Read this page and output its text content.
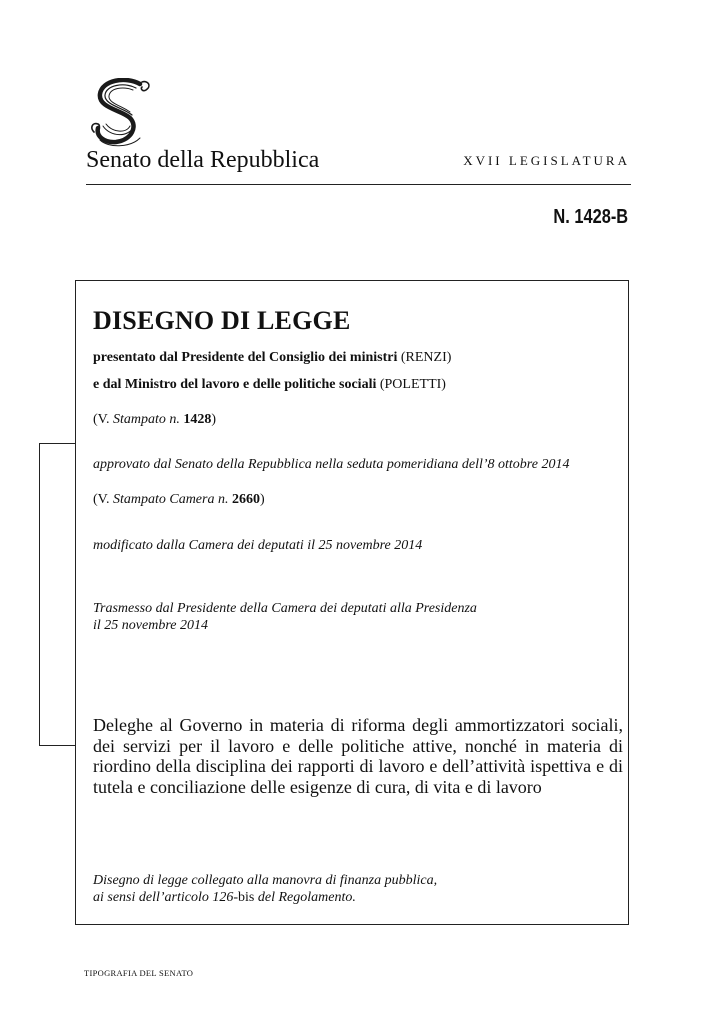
Senato della Repubblica	XVII LEGISLATURA
N. 1428-B
DISEGNO DI LEGGE
presentato dal Presidente del Consiglio dei ministri (RENZI)
e dal Ministro del lavoro e delle politiche sociali (POLETTI)
(V. Stampato n. 1428)
approvato dal Senato della Repubblica nella seduta pomeridiana dell’8 ottobre 2014
(V. Stampato Camera n. 2660)
modificato dalla Camera dei deputati il 25 novembre 2014
Trasmesso dal Presidente della Camera dei deputati alla Presidenza
il 25 novembre 2014
Deleghe al Governo in materia di riforma degli ammortizzatori sociali, dei servizi per il lavoro e delle politiche attive, nonché in materia di riordino della disciplina dei rapporti di lavoro e dell’attività ispettiva e di tutela e conciliazione delle esigenze di cura, di vita e di lavoro
Disegno di legge collegato alla manovra di finanza pubblica,
ai sensi dell’articolo 126-bis del Regolamento.
TIPOGRAFIA DEL SENATO
